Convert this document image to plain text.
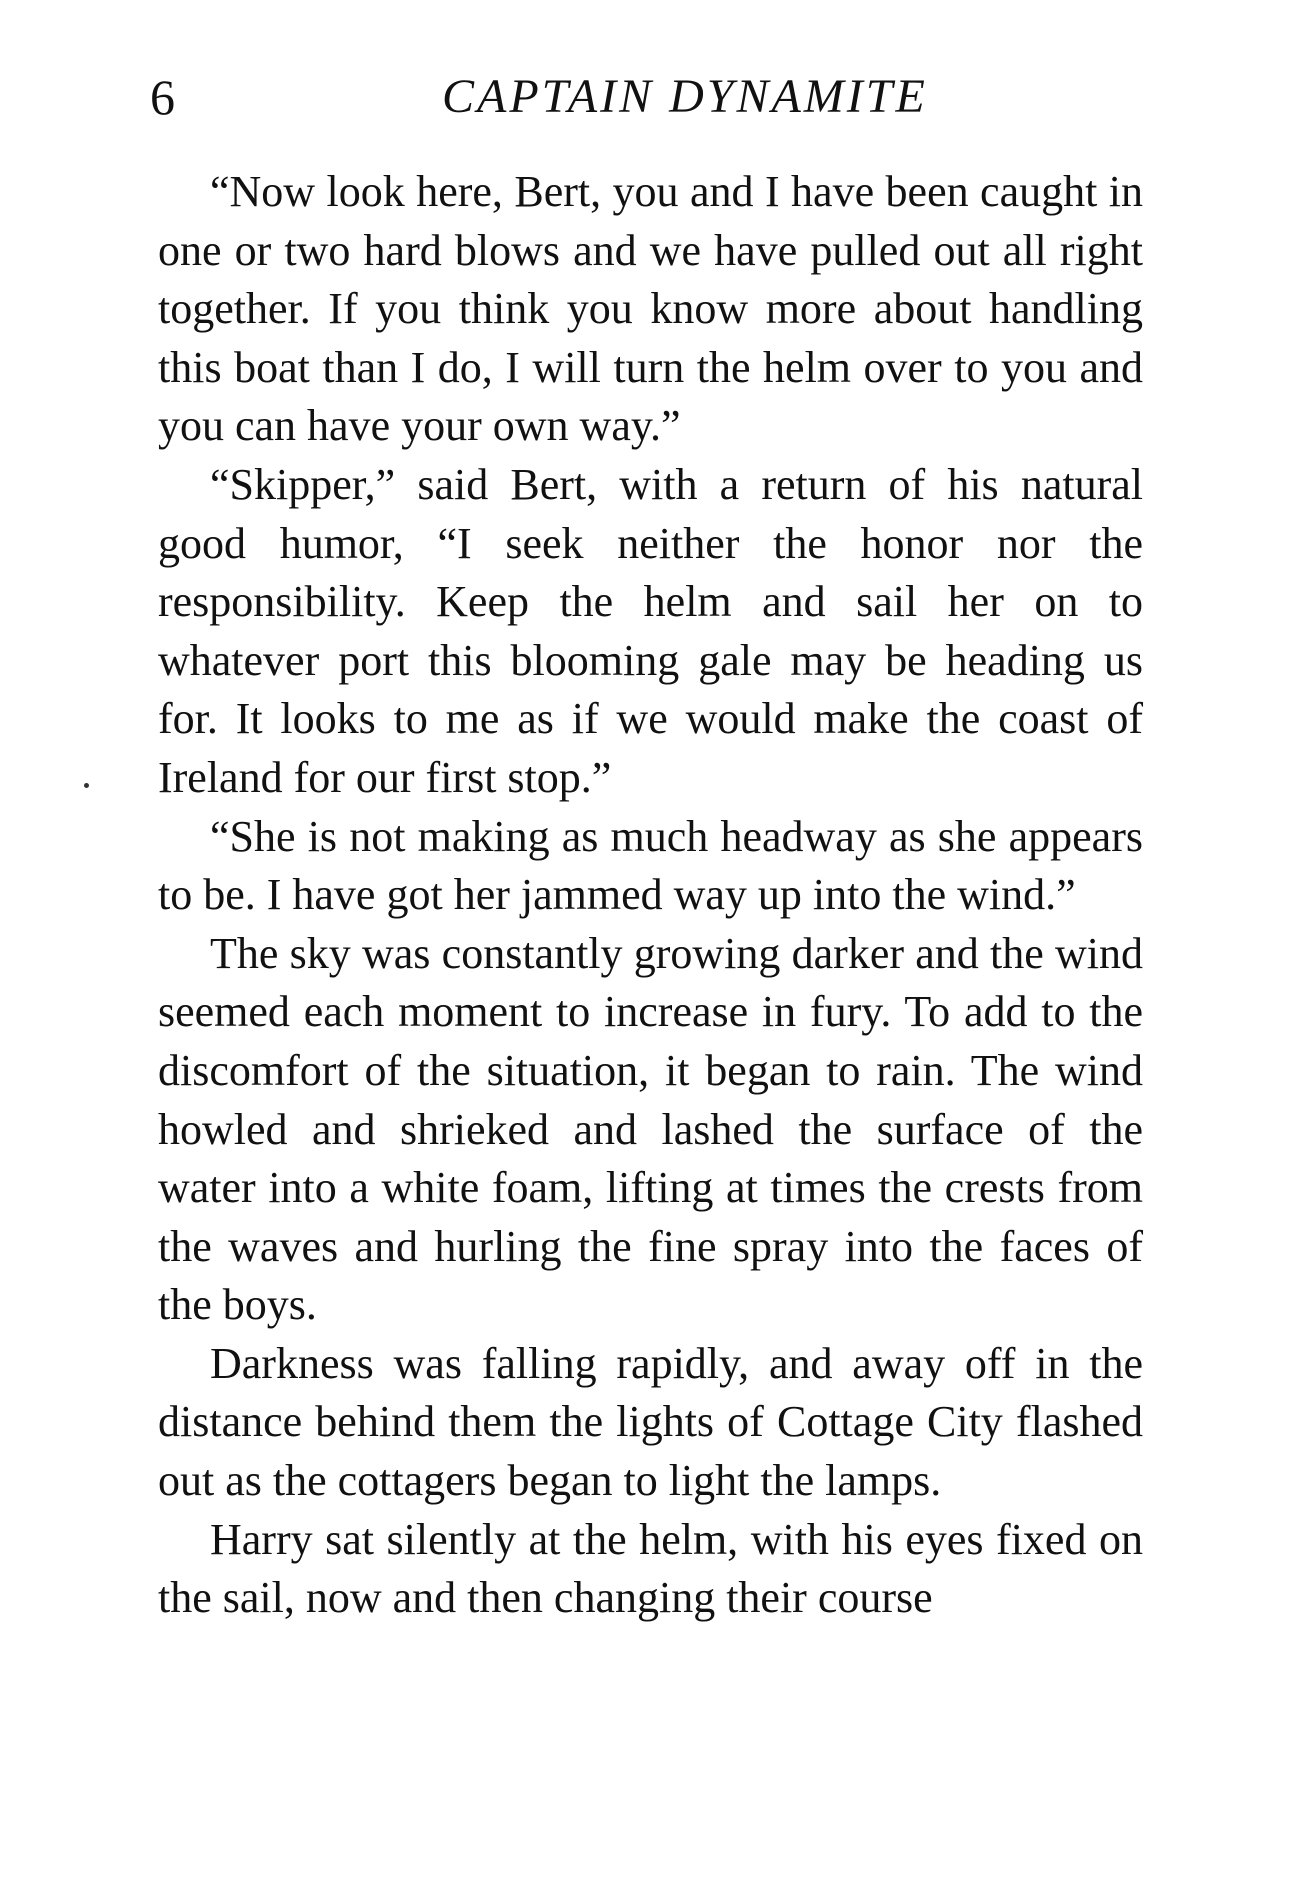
6	CAPTAIN DYNAMITE

“Now look here, Bert, you and I have been caught in one or two hard blows and we have pulled out all right together. If you think you know more about handling this boat than I do, I will turn the helm over to you and you can have your own way.”

“Skipper,” said Bert, with a return of his natural good humor, “I seek neither the honor nor the responsibility. Keep the helm and sail her on to whatever port this blooming gale may be heading us for. It looks to me as if we would make the coast of Ireland for our first stop.”

“She is not making as much headway as she appears to be. I have got her jammed way up into the wind.”

The sky was constantly growing darker and the wind seemed each moment to increase in fury. To add to the discomfort of the situation, it began to rain. The wind howled and shrieked and lashed the surface of the water into a white foam, lifting at times the crests from the waves and hurling the fine spray into the faces of the boys.

Darkness was falling rapidly, and away off in the distance behind them the lights of Cottage City flashed out as the cottagers began to light the lamps.

Harry sat silently at the helm, with his eyes fixed on the sail, now and then changing their course
